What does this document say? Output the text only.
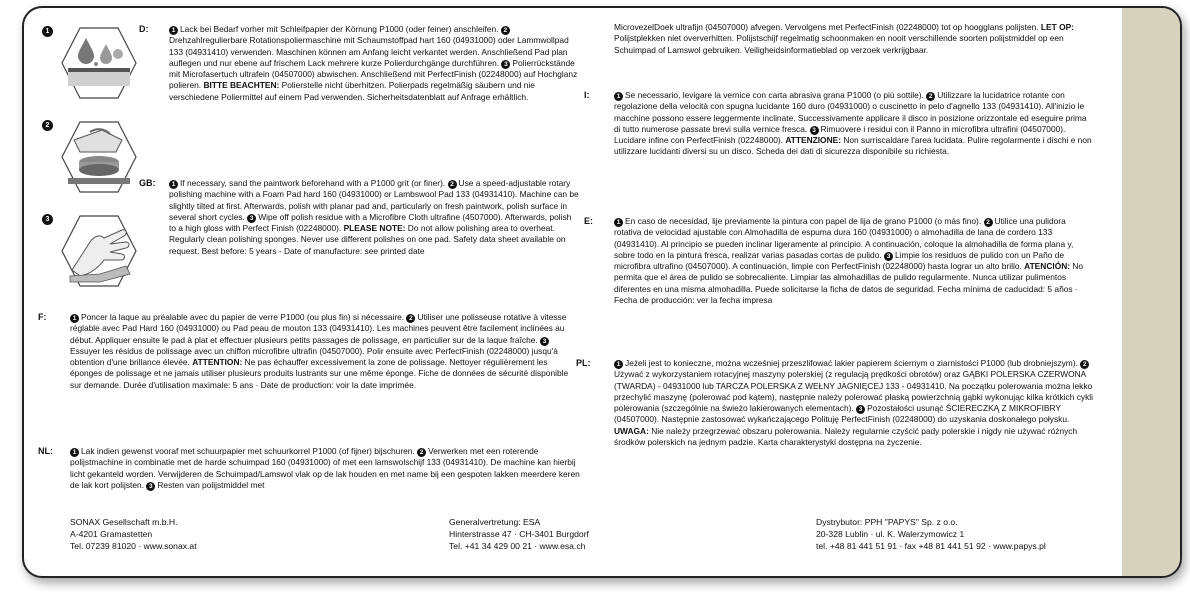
1
2
3
D:	1 Lack bei Bedarf vorher mit Schleifpapier der Körnung P1000 (oder feiner) anschleifen. 2Drehzahlregulierbare Rotationspoliermaschine mit Schaumstoffpad hart 160 (04931000) oder Lammwollpad 133 (04931410) verwenden. Maschinen können am Anfang leicht verkantet werden. Anschließend Pad plan auflegen und nur ebene auf frischem Lack mehrere kurze Polierdurchgänge durchführen. 3 Polierrückstände mit Microfasertuch ultrafein (04507000) abwischen. Anschließend mit PerfectFinish (02248000) auf Hochglanz polieren. BITTE BEACHTEN: Polierstelle nicht überhitzen. Polierpads regelmäßig säubern und nie verschiedene Poliermittel auf einem Pad verwenden. Sicherheitsdatenblatt auf Anfrage erhältlich.
GB:	1 If necessary, sand the paintwork beforehand with a P1000 grit (or finer). 2 Use a speed-adjustable rotary polishing machine with a Foam Pad hard 160 (04931000) or Lambswool Pad 133 (04931410). Machine can be slightly tilted at first. Afterwards, polish with planar pad and, particularly on fresh paintwork, polish surface in several short cycles. 3 Wipe off polish residue with a Microfibre Cloth ultrafine (4507000). Afterwards, polish to a high gloss with Perfect Finish (02248000). PLEASE NOTE: Do not allow polishing area to overheat. Regularly clean polishing sponges. Never use different polishes on one pad. Safety data sheet available on request. Best before: 5 years - Date of manufacture: see printed date
F:	1 Poncer la laque au préalable avec du papier de verre P1000 (ou plus fin) si nécessaire. 2 Utiliser une polisseuse rotative à vitesse réglable avec Pad Hard 160 (04931000) ou Pad peau de mouton 133 (04931410). Les machines peuvent être facilement inclinées au début. Appliquer ensuite le pad à plat et effectuer plusieurs petits passages de polissage, en particulier sur de la laque fraîche. 3Essuyer les résidus de polissage avec un chiffon microfibre ultrafin (04507000). Polir ensuite avec PerfectFinish (02248000) jusqu'à obtention d'une brillance élevée. ATTENTION: Ne pas échauffer excessivement la zone de polissage. Nettoyer régulièrement les éponges de polissage et ne jamais utiliser plusieurs produits lustrants sur une même éponge. Fiche de données de sécurité disponible sur demande. Durée d'utilisation maximale: 5 ans · Date de production: voir la date imprimée.
NL:	1 Lak indien gewenst vooraf met schuurpapier met schuurkorrel P1000 (of fijner) bijschuren. 2 Verwerken met een roterende polijstmachine in combinatie met de harde schuimpad 160 (04931000) of met een lamswolschijf 133 (04931410). De machine kan hierbij licht gekanteld worden. Verwijderen de Schuimpad/Lamswol vlak op de lak houden en met name bij een gespoten lakken meerdere keren de lak kort polijsten. 3 Resten van polijstmiddel met
MicrovezelDoek ultrafijn (04507000) afvegen. Vervolgens met PerfectFinish (02248000) tot op hoogglans polijsten. LET OP: Polijstplekken niet oververhitten. Polijstschijf regelmatig schoonmaken en nooit verschillende soorten polijstmiddel op een Schuimpad of Lamswol gebruiken. Veiligheidsinformatieblad op verzoek verkrijgbaar.
I:	1 Se necessario, levigare la vernice con carta abrasiva grana P1000 (o più sottile). 2 Utilizzare la lucidatrice rotante con regolazione della velocità con spugna lucidante 160 duro (04931000) o cuscinetto in pelo d'agnello 133 (04931410). All'inizio le macchine possono essere leggermente inclinate. Successivamente applicare il disco in posizione orizzontale ed eseguire prima di tutto numerose passate brevi sulla vernice fresca. 3 Rimuovere i residui con il Panno in microfibra ultrafini (04507000). Lucidare infine con PerfectFinish (02248000). ATTENZIONE: Non surriscaldare l'area lucidata. Pulire regolarmente i dischi e non utilizzare lucidanti diversi su un disco. Scheda dei dati di sicurezza disponibile su richiesta.
E:	1 En caso de necesidad, lije previamente la pintura con papel de lija de grano P1000 (o más fino). 2 Utilice una pulidora rotativa de velocidad ajustable con Almohadilla de espuma dura 160 (04931000) o almohadilla de lana de cordero 133 (04931410). Al principio se pueden inclinar ligeramente al principio. A continuación, coloque la almohadilla de forma plana y, sobre todo en la pintura fresca, realizar varias pasadas cortas de pulido. 3 Limpie los residuos de pulido con un Paño de microfibra ultrafino (04507000). A continuación, limpie con PerfectFinish (02248000) hasta lograr un alto brillo. ATENCIÓN: No permita que el área de pulido se sobrecaliente. Limpiar las almohadillas de pulido regularmente. Nunca utilizar pulimentos diferentes en una misma almohadilla. Puede solicitarse la ficha de datos de seguridad. Fecha mínima de caducidad: 5 años · Fecha de producción: ver la fecha impresa
PL:	1 Jeżeli jest to konieczne, można wcześniej przeszlifować lakier papierem ściernym o ziarnistości P1000 (lub drobniejszym). 2Używać z wykorzystaniem rotacyjnej maszyny polerskiej (z regulacją prędkości obrotów) oraz GĄBKI POLERSKA CZERWONA (TWARDA) - 04931000 lub TARCZA POLERSKA Z WEŁNY JAGNIĘCEJ 133 - 04931410. Na początku polerowania można lekko przechylić maszynę (polerować pod kątem), następnie należy polerować płaską powierzchnią gąbki wykonując kilka krótkich cykli polerowania (szczególnie na świeżo lakierowanych elementach). 3 Pozostałości usunąć ŚCIERECZKĄ Z MIKROFIBRY (04507000). Następnie zastosować wykańczającego Polituję PerfectFinish (02248000) do uzyskania doskonałego połysku. UWAGA: Nie należy przegrzewać obszaru polerowania. Należy regularnie czyścić pady polerskie i nigdy nie używać różnych środków polerskich na jednym padzie. Karta charakterystyki dostępna na życzenie.
SONAX Gesellschaft m.b.H.
A-4201 Gramastetten
Tel. 07239 81020 · www.sonax.at
Generalvertretung: ESA
Hinterstrasse 47 · CH-3401 Burgdorf
Tel. +41 34 429 00 21 · www.esa.ch
Dystrybutor: PPH "PAPYS" Sp. z o.o.
20-328 Lublin · ul. K. Walerzymowicz 1
tel. +48 81 441 51 91 · fax +48 81 441 51 92 · www.papys.pl
